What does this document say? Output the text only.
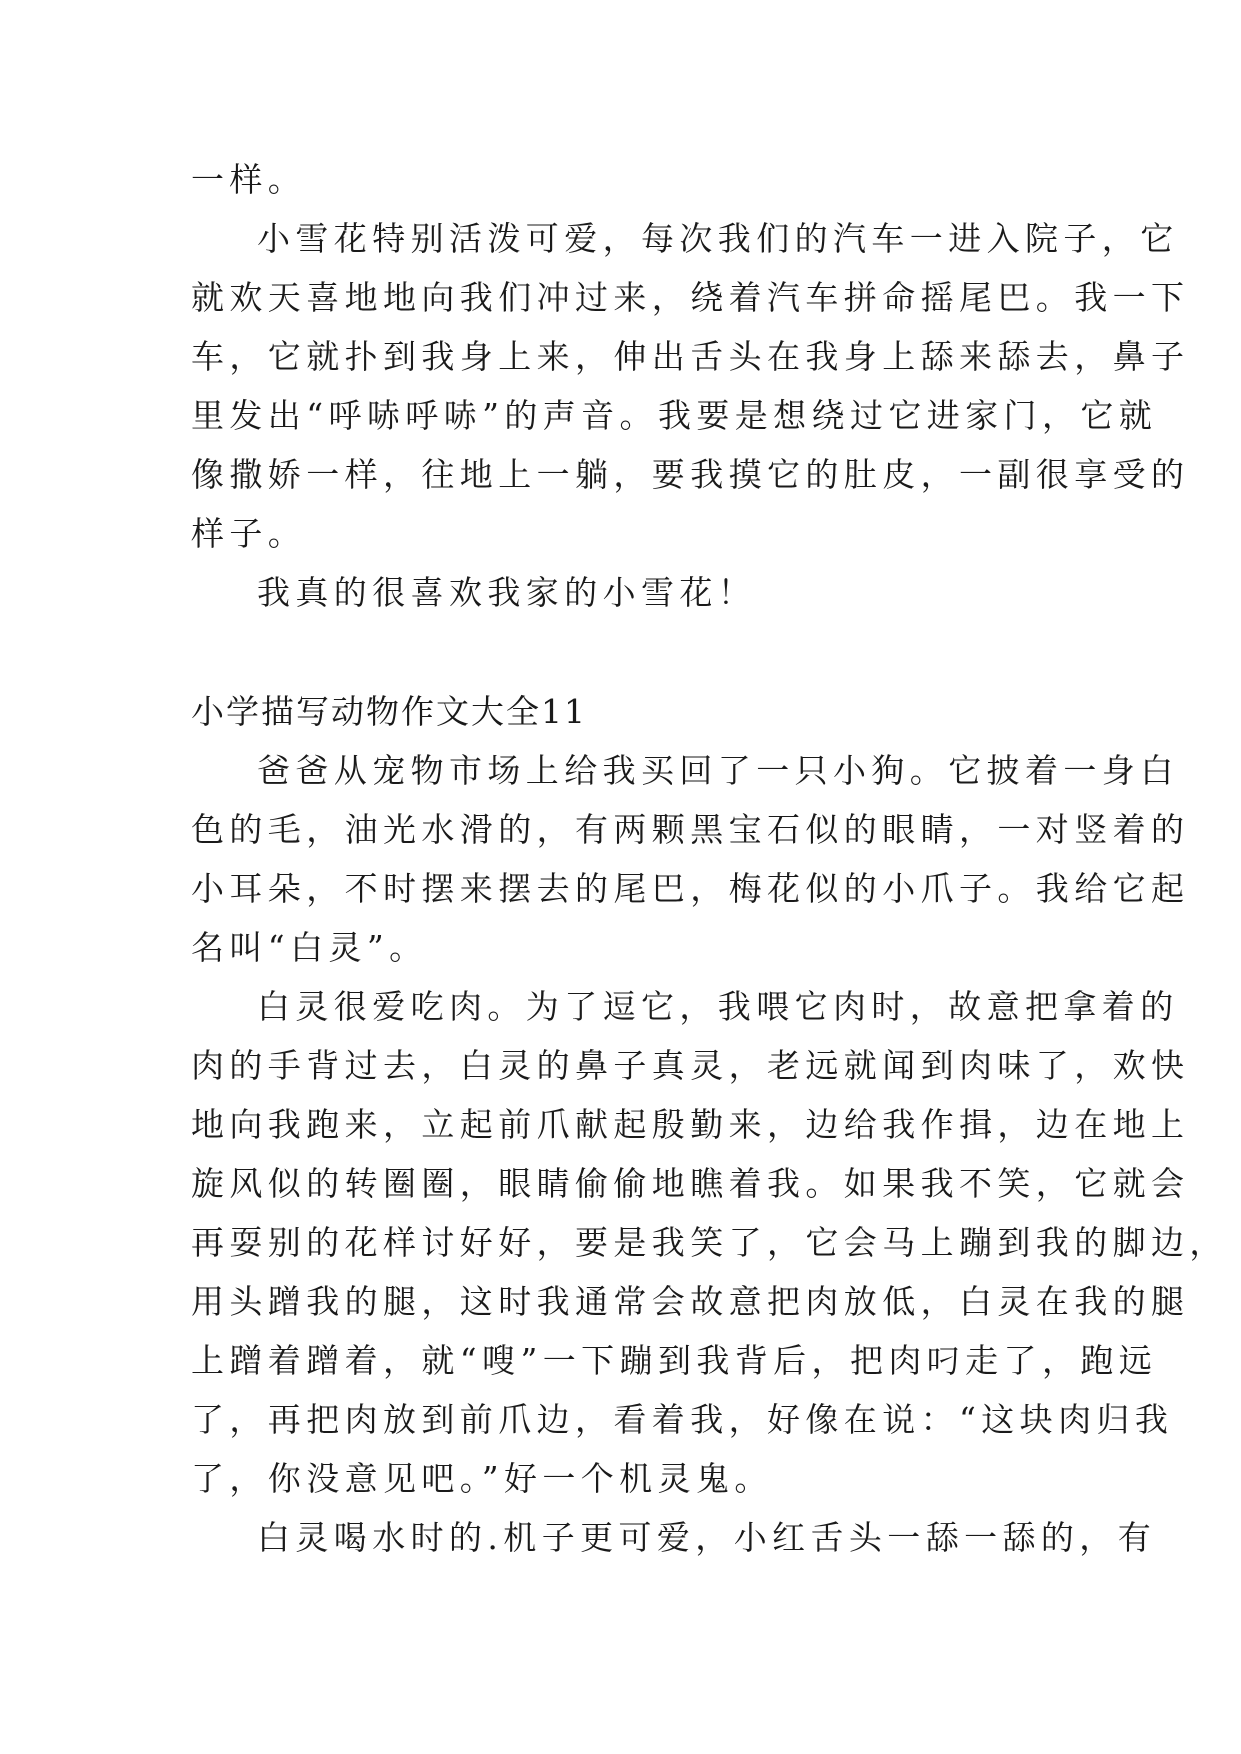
一样。
小雪花特别活泼可爱，每次我们的汽车一进入院子，它
就欢天喜地地向我们冲过来，绕着汽车拼命摇尾巴。我一下
车，它就扑到我身上来，伸出舌头在我身上舔来舔去，鼻子
里发出“呼哧呼哧”的声音。我要是想绕过它进家门，它就
像撒娇一样，往地上一躺，要我摸它的肚皮，一副很享受的
样子。
我真的很喜欢我家的小雪花！
小学描写动物作文大全11
爸爸从宠物市场上给我买回了一只小狗。它披着一身白
色的毛，油光水滑的，有两颗黑宝石似的眼睛，一对竖着的
小耳朵，不时摆来摆去的尾巴，梅花似的小爪子。我给它起
名叫“白灵”。
白灵很爱吃肉。为了逗它，我喂它肉时，故意把拿着的
肉的手背过去，白灵的鼻子真灵，老远就闻到肉味了，欢快
地向我跑来，立起前爪献起殷勤来，边给我作揖，边在地上
旋风似的转圈圈，眼睛偷偷地瞧着我。如果我不笑，它就会
再耍别的花样讨好好，要是我笑了，它会马上蹦到我的脚边，
用头蹭我的腿，这时我通常会故意把肉放低，白灵在我的腿
上蹭着蹭着，就“嗖”一下蹦到我背后，把肉叼走了，跑远
了，再把肉放到前爪边，看着我，好像在说：“这块肉归我
了，你没意见吧。”好一个机灵鬼。
白灵喝水时的.机子更可爱，小红舌头一舔一舔的，有
